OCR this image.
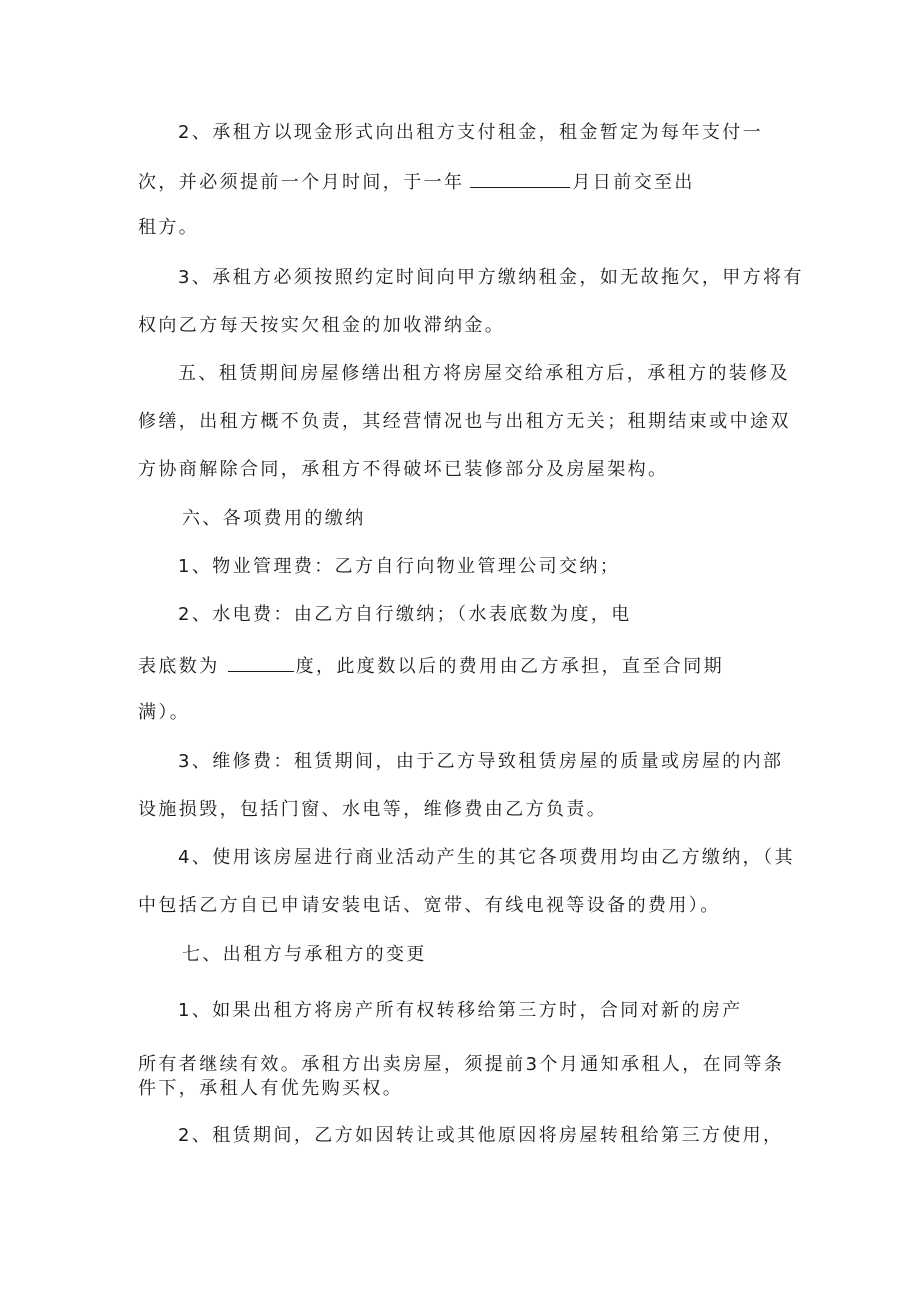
2、承租方以现金形式向出租方支付租金，租金暂定为每年支付一
次，并必须提前一个月时间，于一年	月日前交至出
租方。
3、承租方必须按照约定时间向甲方缴纳租金，如无故拖欠，甲方将有
权向乙方每天按实欠租金的加收滞纳金。
五、租赁期间房屋修缮出租方将房屋交给承租方后，承租方的装修及
修缮，出租方概不负责，其经营情况也与出租方无关；租期结束或中途双
方协商解除合同，承租方不得破坏已装修部分及房屋架构。
六、各项费用的缴纳
1、物业管理费：乙方自行向物业管理公司交纳；
2、水电费：由乙方自行缴纳；（水表底数为度，电
表底数为	度，此度数以后的费用由乙方承担，直至合同期
满）。
3、维修费：租赁期间，由于乙方导致租赁房屋的质量或房屋的内部
设施损毁，包括门窗、水电等，维修费由乙方负责。
4、使用该房屋进行商业活动产生的其它各项费用均由乙方缴纳，（其
中包括乙方自已申请安装电话、宽带、有线电视等设备的费用）。
七、出租方与承租方的变更
1、如果出租方将房产所有权转移给第三方时，合同对新的房产
所有者继续有效。承租方出卖房屋，须提前3个月通知承租人，在同等条
件下，承租人有优先购买权。
2、租赁期间，乙方如因转让或其他原因将房屋转租给第三方使用，
